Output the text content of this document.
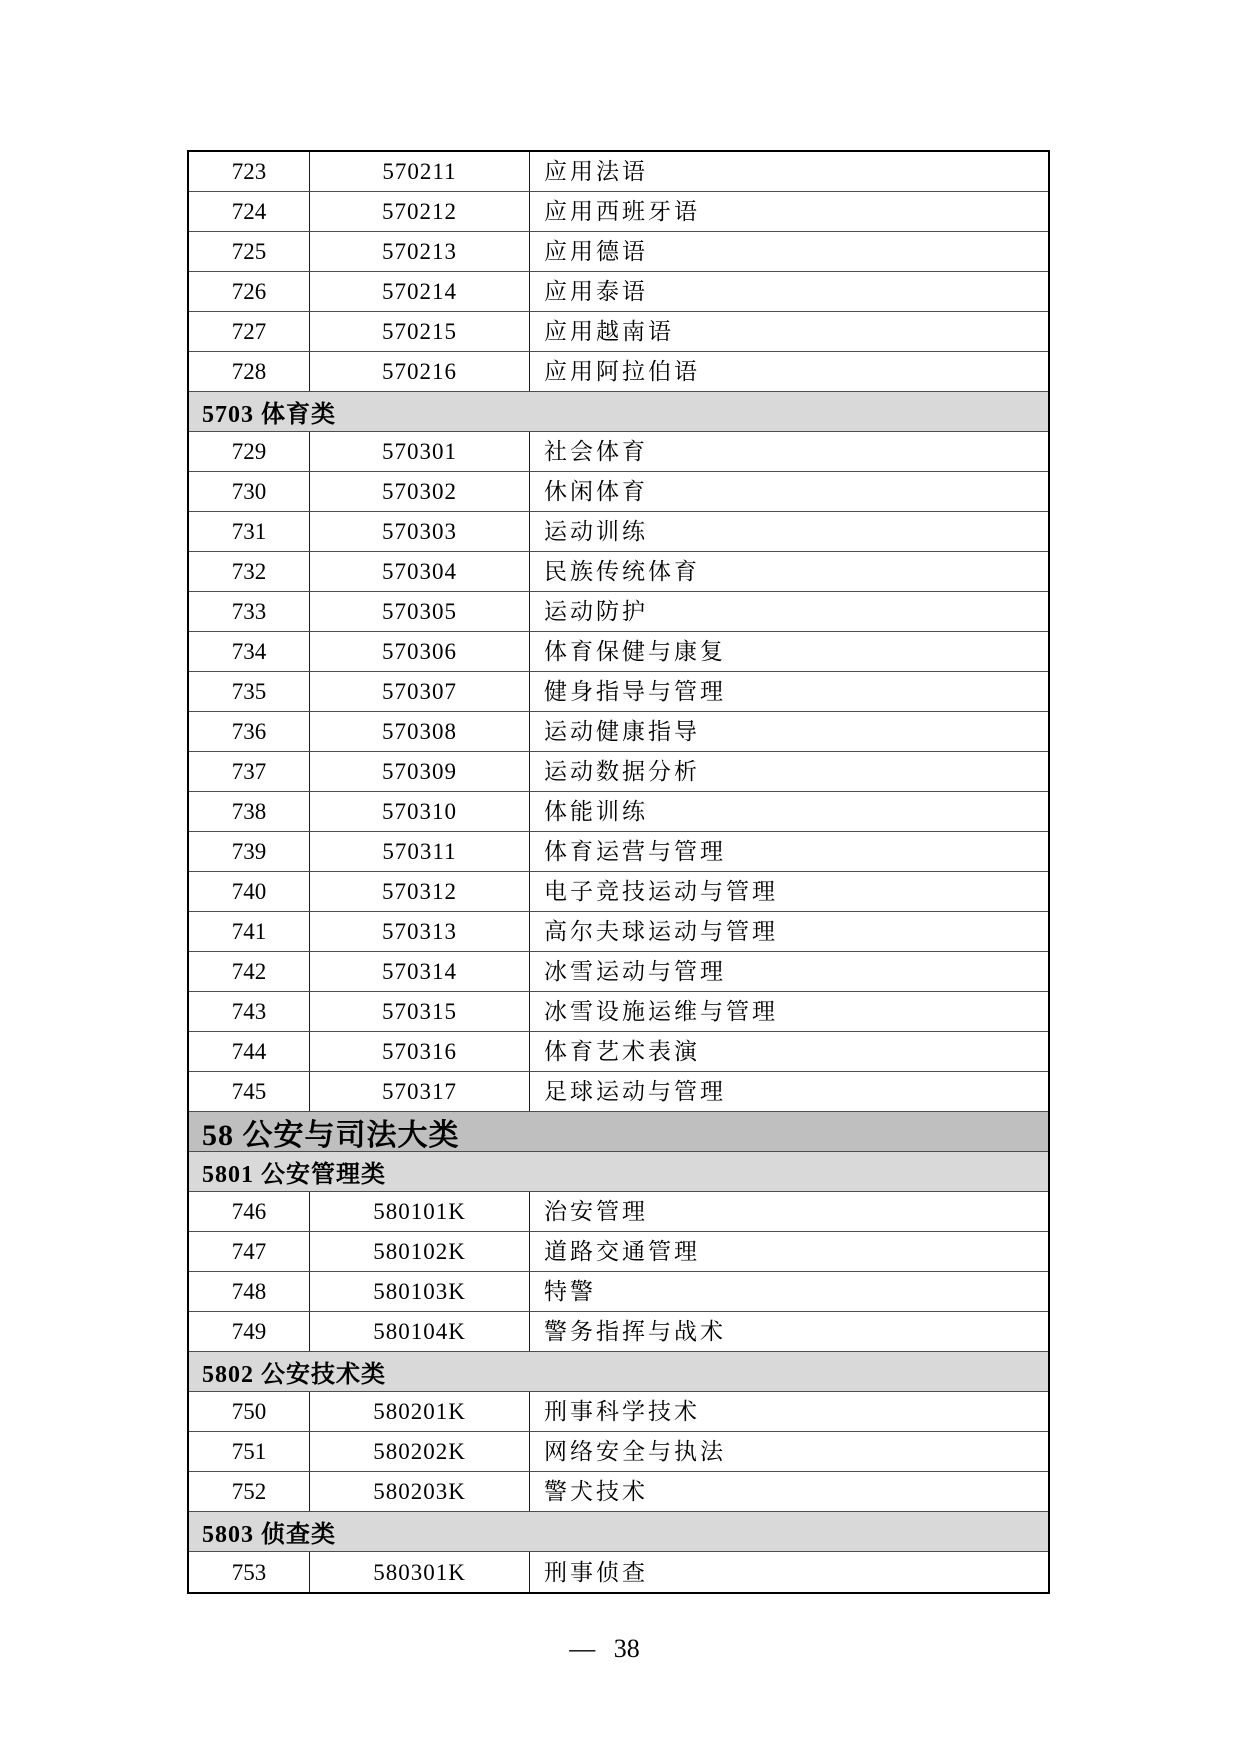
723	570211	应用法语
724	570212	应用西班牙语
725	570213	应用德语
726	570214	应用泰语
727	570215	应用越南语
728	570216	应用阿拉伯语
5703 体育类
729	570301	社会体育
730	570302	休闲体育
731	570303	运动训练
732	570304	民族传统体育
733	570305	运动防护
734	570306	体育保健与康复
735	570307	健身指导与管理
736	570308	运动健康指导
737	570309	运动数据分析
738	570310	体能训练
739	570311	体育运营与管理
740	570312	电子竞技运动与管理
741	570313	高尔夫球运动与管理
742	570314	冰雪运动与管理
743	570315	冰雪设施运维与管理
744	570316	体育艺术表演
745	570317	足球运动与管理
58 公安与司法大类
5801 公安管理类
746	580101K	治安管理
747	580102K	道路交通管理
748	580103K	特警
749	580104K	警务指挥与战术
5802 公安技术类
750	580201K	刑事科学技术
751	580202K	网络安全与执法
752	580203K	警犬技术
5803 侦查类
753	580301K	刑事侦查
— 38
